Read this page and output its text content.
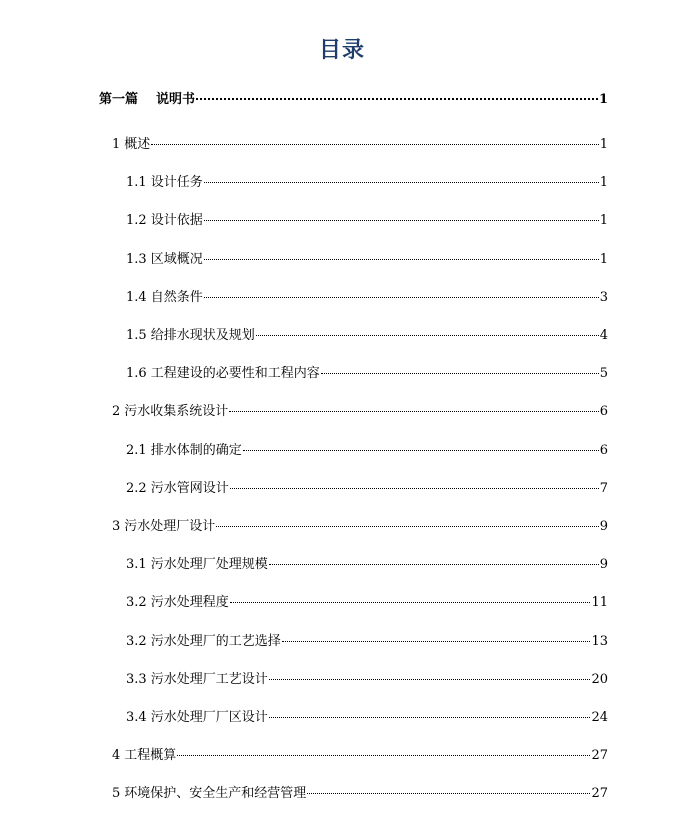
目录
第一篇 说明书	1
1 概述	1
1.1 设计任务	1
1.2 设计依据	1
1.3 区域概况	1
1.4 自然条件	3
1.5 给排水现状及规划	4
1.6 工程建设的必要性和工程内容	5
2 污水收集系统设计	6
2.1 排水体制的确定	6
2.2 污水管网设计	7
3 污水处理厂设计	9
3.1 污水处理厂处理规模	9
3.2 污水处理程度	11
3.2 污水处理厂的工艺选择	13
3.3 污水处理厂工艺设计	20
3.4 污水处理厂厂区设计	24
4 工程概算	27
5 环境保护、安全生产和经营管理	27
